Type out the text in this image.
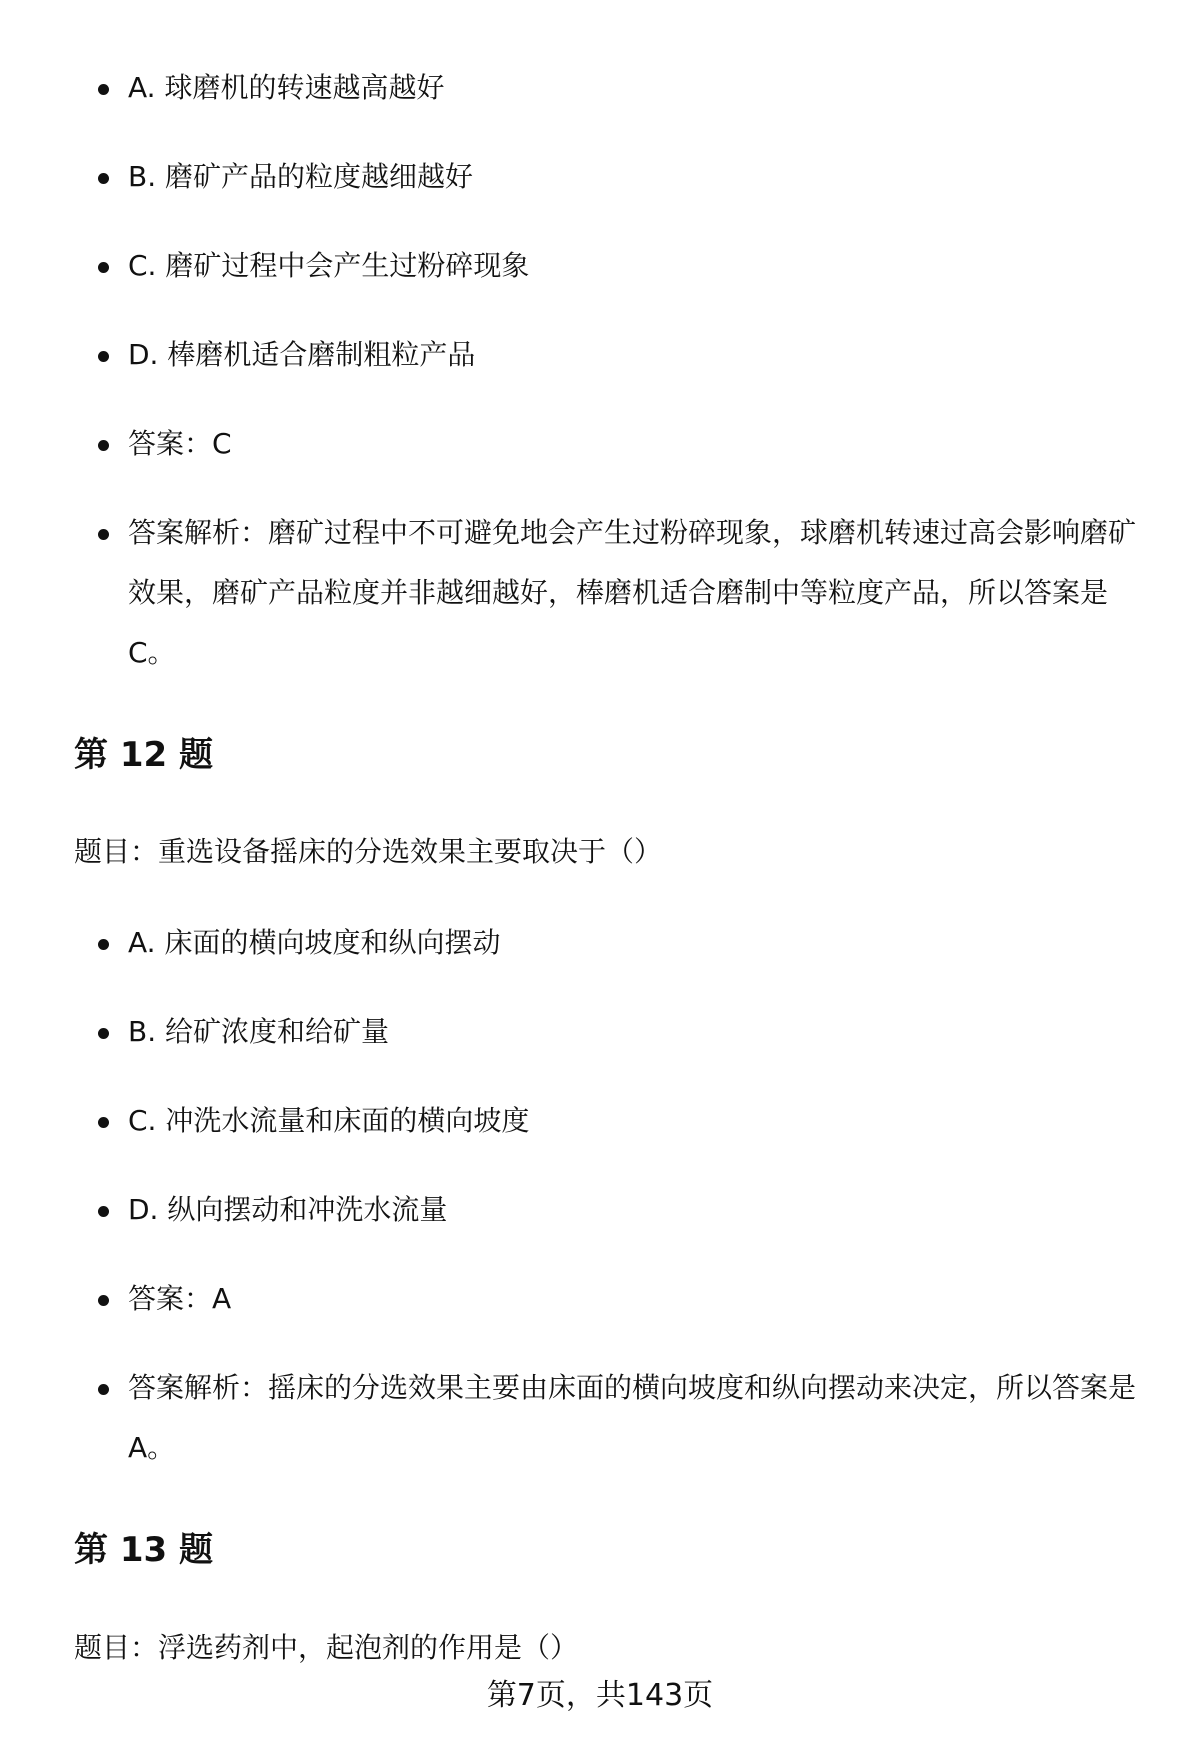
A. 球磨机的转速越高越好
B. 磨矿产品的粒度越细越好
C. 磨矿过程中会产生过粉碎现象
D. 棒磨机适合磨制粗粒产品
答案：C
答案解析：磨矿过程中不可避免地会产生过粉碎现象，球磨机转速过高会影响磨矿效果，磨矿产品粒度并非越细越好，棒磨机适合磨制中等粒度产品，所以答案是C。
第 12 题

题目：重选设备摇床的分选效果主要取决于（）

A. 床面的横向坡度和纵向摆动
B. 给矿浓度和给矿量
C. 冲洗水流量和床面的横向坡度
D. 纵向摆动和冲洗水流量
答案：A
答案解析：摇床的分选效果主要由床面的横向坡度和纵向摆动来决定，所以答案是A。
第 13 题

题目：浮选药剂中，起泡剂的作用是（）

第7页，共143页
